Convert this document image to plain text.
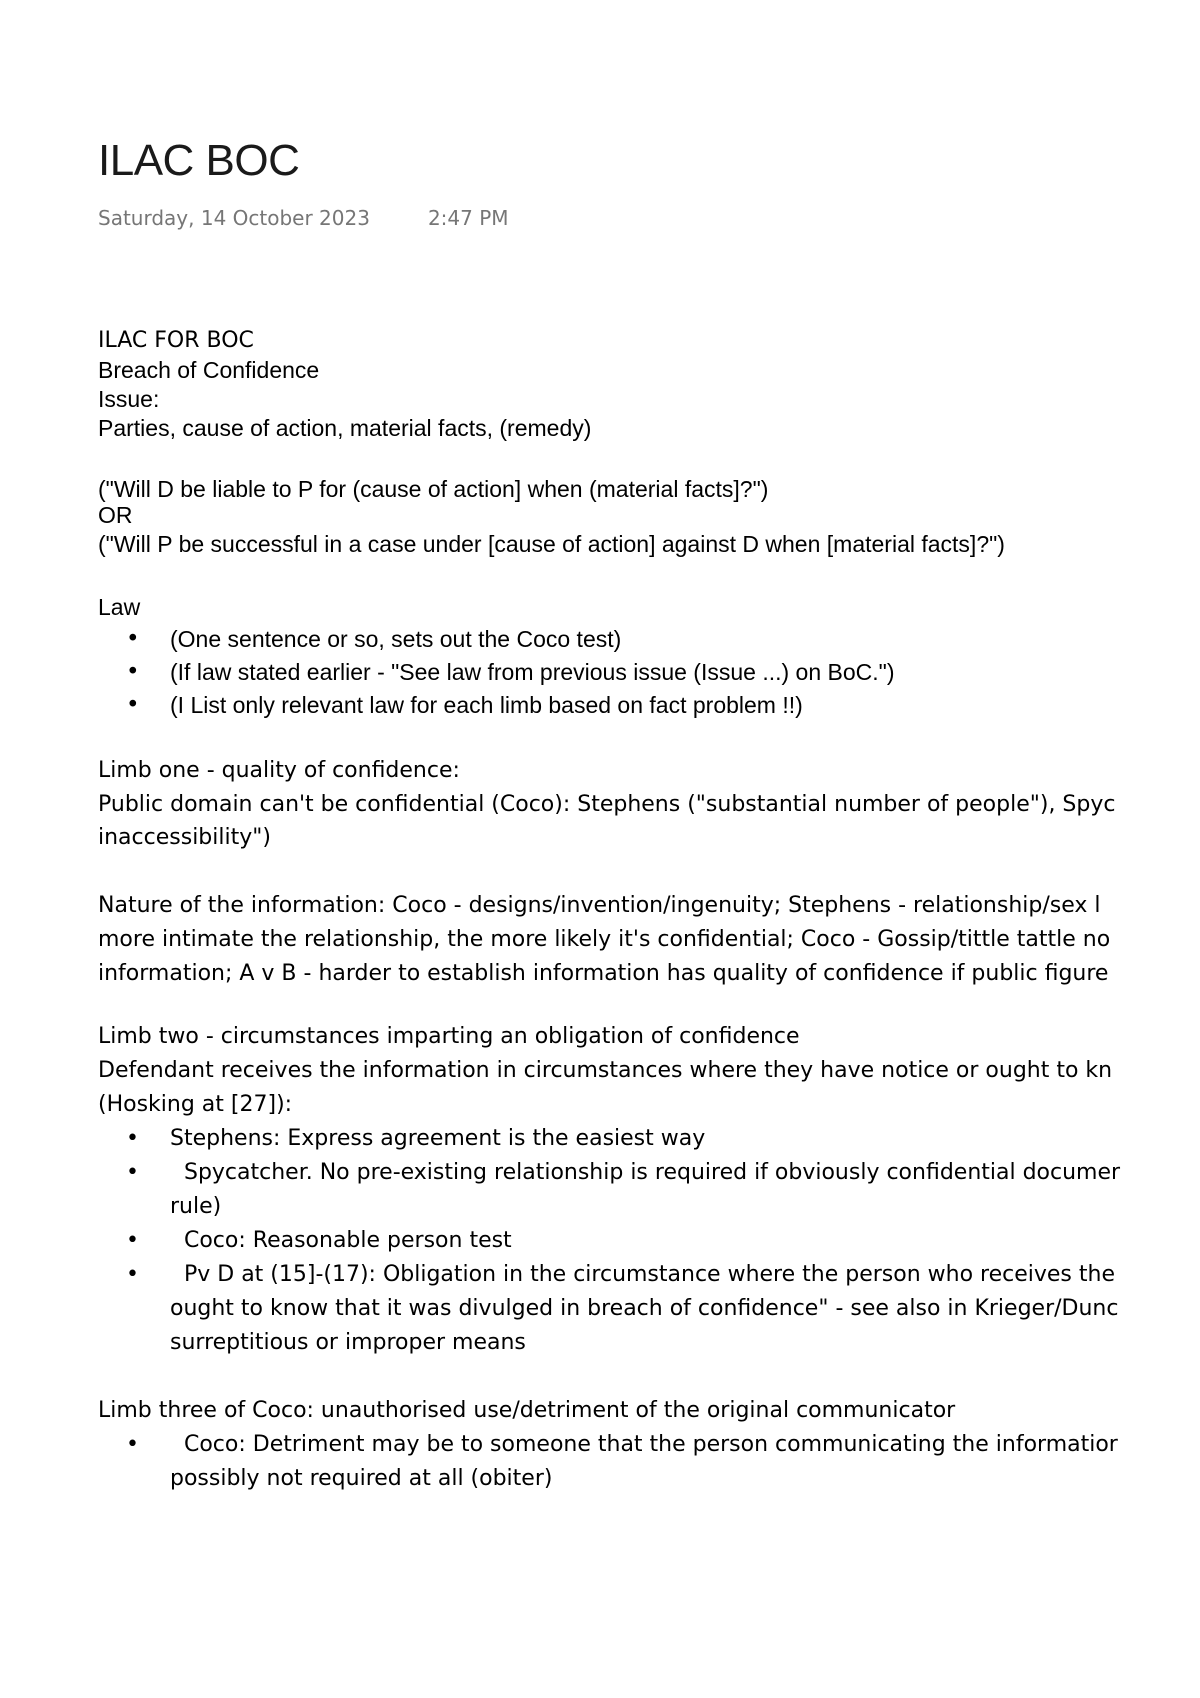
ILAC BOC
Saturday, 14 October 2023	2:47 PM
ILAC FOR BOC
Breach of Confidence
Issue:
Parties, cause of action, material facts, (remedy)
("Will D be liable to P for (cause of action] when (material facts]?")
OR
("Will P be successful in a case under [cause of action] against D when [material facts]?")
Law
• (One sentence or so, sets out the Coco test)
• (If law stated earlier - "See law from previous issue (Issue ...) on BoC.")
• (I List only relevant law for each limb based on fact problem !!)
Limb one - quality of confidence:
Public domain can't be confidential (Coco): Stephens ("substantial number of people"), Spyc
inaccessibility")
Nature of the information: Coco - designs/invention/ingenuity; Stephens - relationship/sex l
more intimate the relationship, the more likely it's confidential; Coco - Gossip/tittle tattle no
information; A v B - harder to establish information has quality of confidence if public figure
Limb two - circumstances imparting an obligation of confidence
Defendant receives the information in circumstances where they have notice or ought to kn
(Hosking at [27]):
• Stephens: Express agreement is the easiest way
•   Spycatcher. No pre-existing relationship is required if obviously confidential documer
rule)
•   Coco: Reasonable person test
•   Pv D at (15]-(17): Obligation in the circumstance where the person who receives the
ought to know that it was divulged in breach of confidence" - see also in Krieger/Dunc
surreptitious or improper means
Limb three of Coco: unauthorised use/detriment of the original communicator
•   Coco: Detriment may be to someone that the person communicating the informatior
possibly not required at all (obiter)
